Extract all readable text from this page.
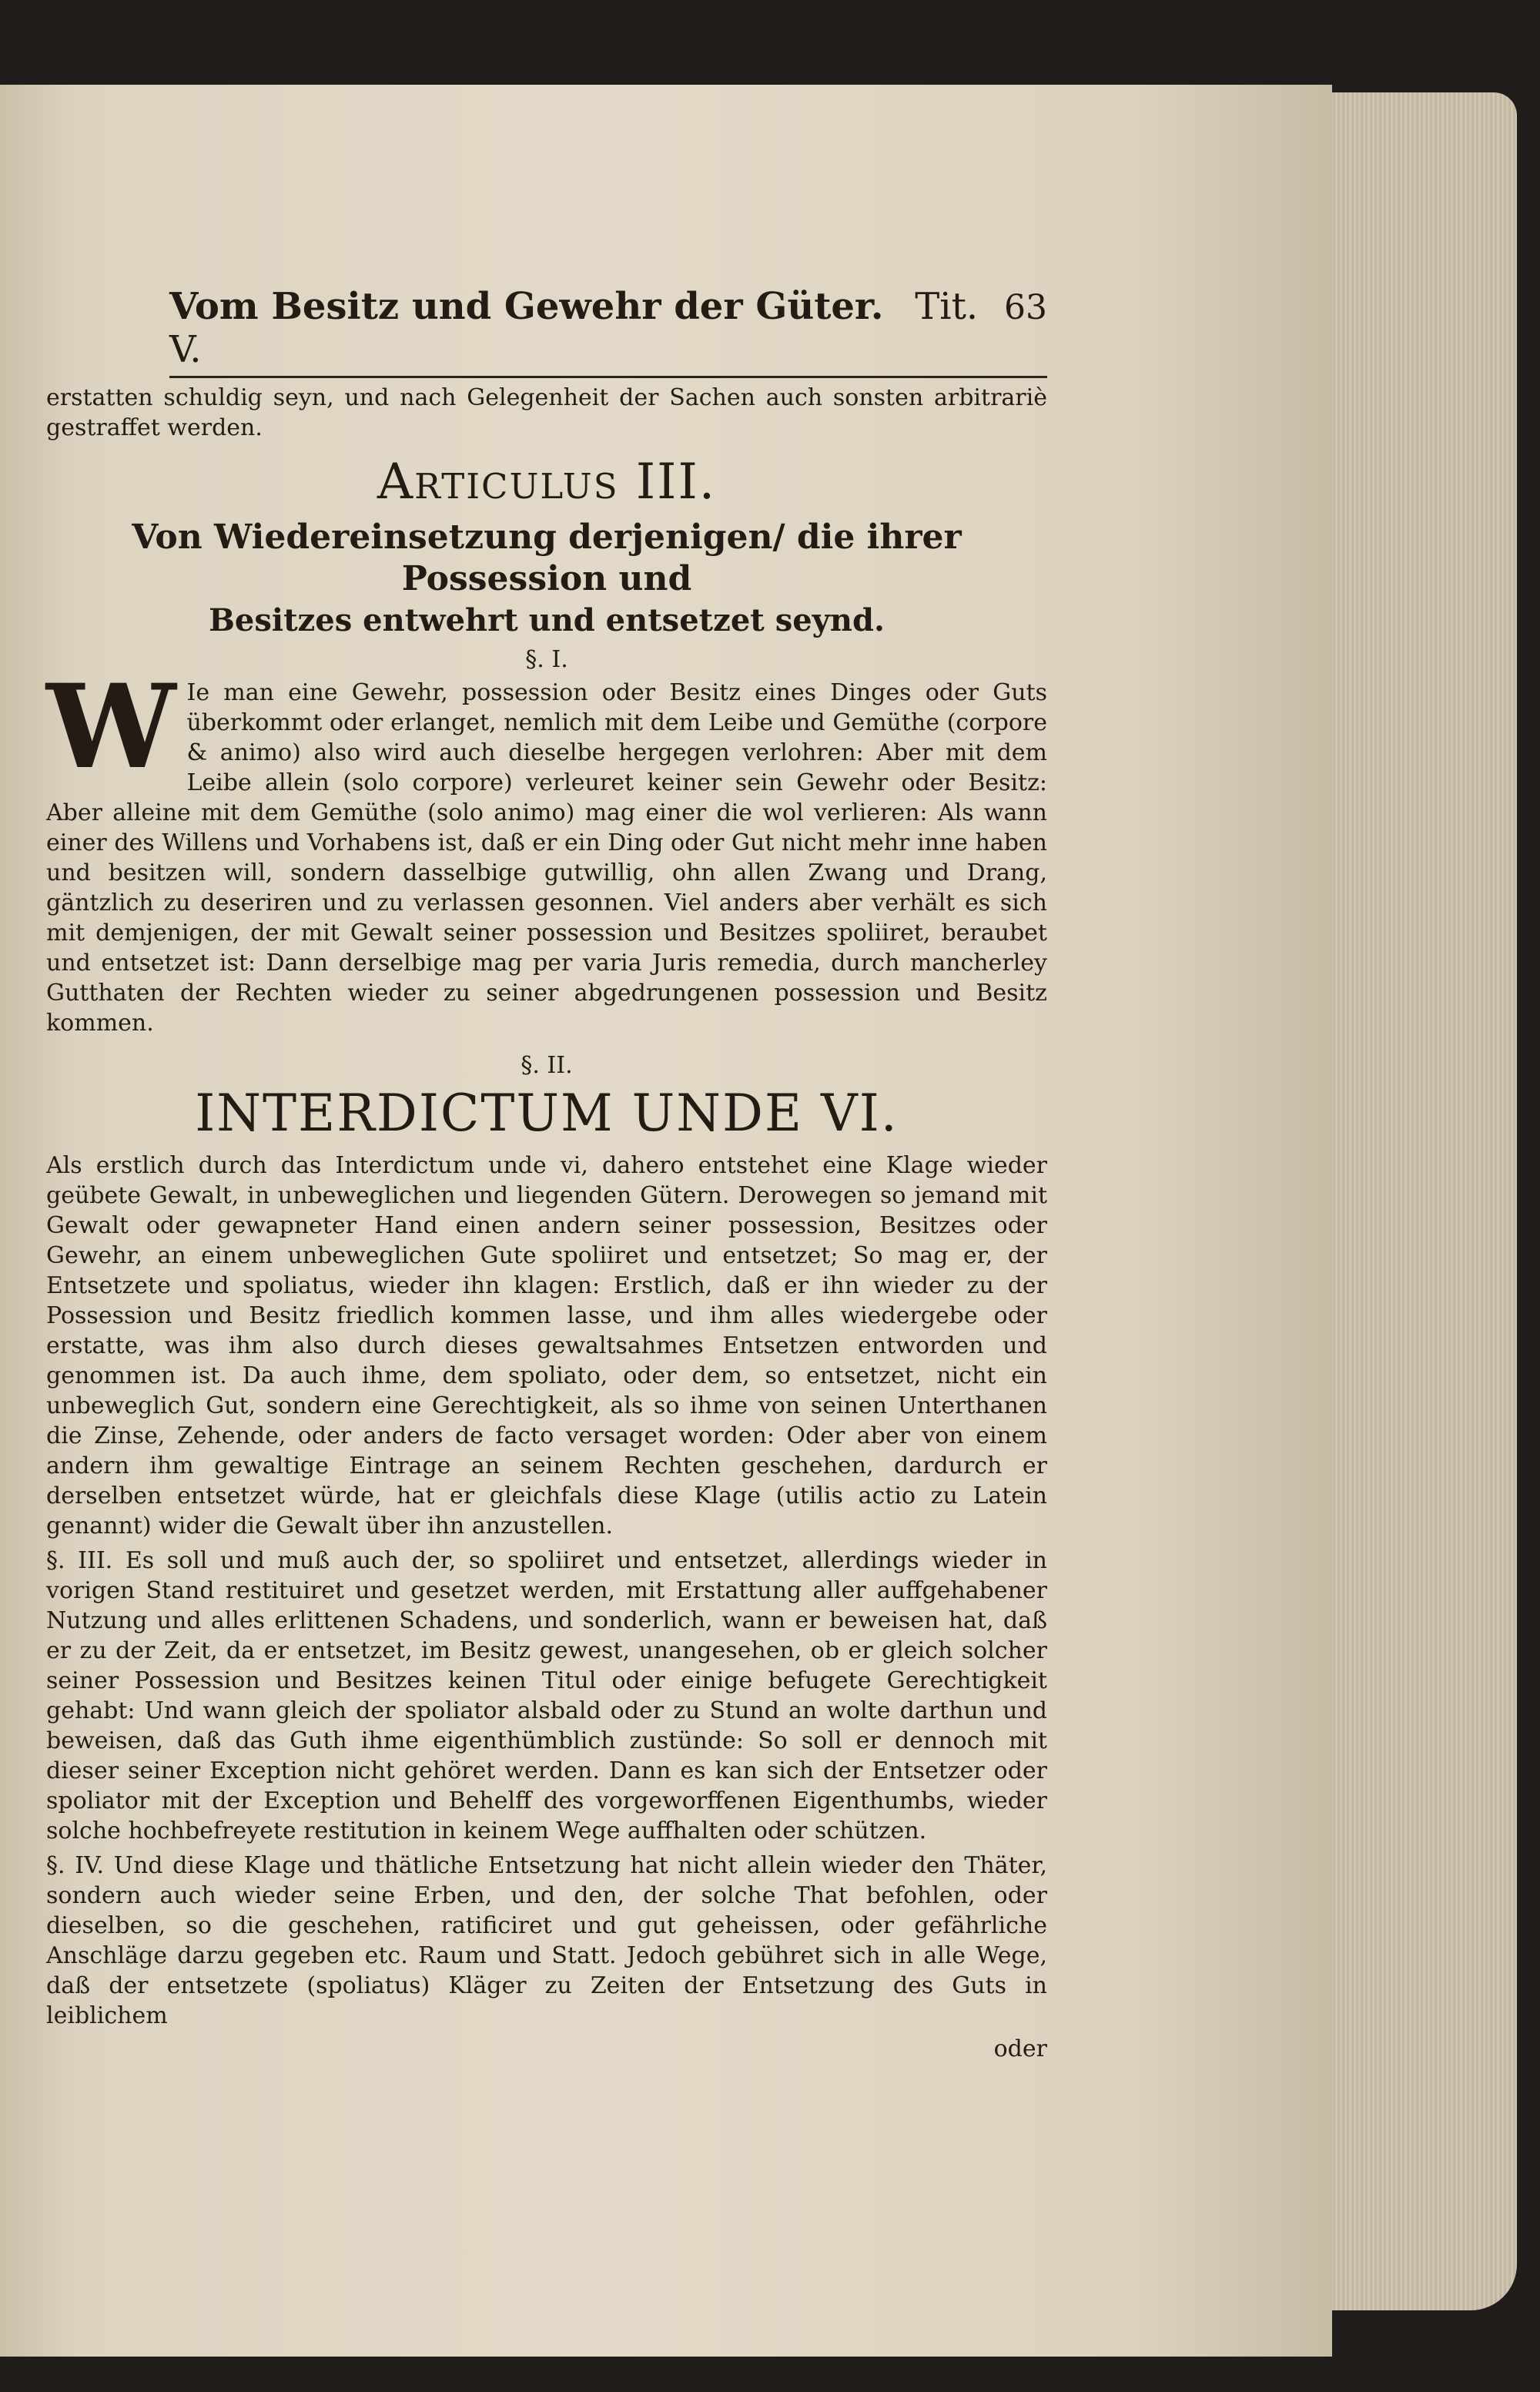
Vom Besitz und Gewehr der Güter. Tit. V.
63

erstatten schuldig seyn, und nach Gelegenheit der Sachen auch sonsten arbitrariè gestraffet werden.

Articulus III.
Von Wiedereinsetzung derjenigen/ die ihrer Possession und
Besitzes entwehrt und entsetzet seynd.
§. I.

W Ie man eine Gewehr, possession oder Besitz eines Dinges oder Guts überkommt oder erlanget, nemlich mit dem Leibe und Gemüthe (corpore & animo) also wird auch dieselbe hergegen verlohren: Aber mit dem Leibe allein (solo corpore) verleuret keiner sein Gewehr oder Besitz: Aber alleine mit dem Gemüthe (solo animo) mag einer die wol verlieren: Als wann einer des Willens und Vorhabens ist, daß er ein Ding oder Gut nicht mehr inne haben und besitzen will, sondern dasselbige gutwillig, ohn allen Zwang und Drang, gäntzlich zu deseriren und zu verlassen gesonnen. Viel anders aber verhält es sich mit demjenigen, der mit Gewalt seiner possession und Besitzes spoliiret, beraubet und entsetzet ist: Dann derselbige mag per varia Juris remedia, durch mancherley Gutthaten der Rechten wieder zu seiner abgedrungenen possession und Besitz kommen.

§. II.
INTERDICTUM UNDE VI.

Als erstlich durch das Interdictum unde vi, dahero entstehet eine Klage wieder geübete Gewalt, in unbeweglichen und liegenden Gütern. Derowegen so jemand mit Gewalt oder gewapneter Hand einen andern seiner possession, Besitzes oder Gewehr, an einem unbeweglichen Gute spoliiret und entsetzet; So mag er, der Entsetzete und spoliatus, wieder ihn klagen: Erstlich, daß er ihn wieder zu der Possession und Besitz friedlich kommen lasse, und ihm alles wiedergebe oder erstatte, was ihm also durch dieses gewaltsahmes Entsetzen entworden und genommen ist. Da auch ihme, dem spoliato, oder dem, so entsetzet, nicht ein unbeweglich Gut, sondern eine Gerechtigkeit, als so ihme von seinen Unterthanen die Zinse, Zehende, oder anders de facto versaget worden: Oder aber von einem andern ihm gewaltige Eintrage an seinem Rechten geschehen, dardurch er derselben entsetzet würde, hat er gleichfals diese Klage (utilis actio zu Latein genannt) wider die Gewalt über ihn anzustellen.

§. III. Es soll und muß auch der, so spoliiret und entsetzet, allerdings wieder in vorigen Stand restituiret und gesetzet werden, mit Erstattung aller auffgehabener Nutzung und alles erlittenen Schadens, und sonderlich, wann er beweisen hat, daß er zu der Zeit, da er entsetzet, im Besitz gewest, unangesehen, ob er gleich solcher seiner Possession und Besitzes keinen Titul oder einige befugete Gerechtigkeit gehabt: Und wann gleich der spoliator alsbald oder zu Stund an wolte darthun und beweisen, daß das Guth ihme eigenthümblich zustünde: So soll er dennoch mit dieser seiner Exception nicht gehöret werden. Dann es kan sich der Entsetzer oder spoliator mit der Exception und Behelff des vorgeworffenen Eigenthumbs, wieder solche hochbefreyete restitution in keinem Wege auffhalten oder schützen.

§. IV. Und diese Klage und thätliche Entsetzung hat nicht allein wieder den Thäter, sondern auch wieder seine Erben, und den, der solche That befohlen, oder dieselben, so die geschehen, ratificiret und gut geheissen, oder gefährliche Anschläge darzu gegeben etc. Raum und Statt. Jedoch gebühret sich in alle Wege, daß der entsetzete (spoliatus) Kläger zu Zeiten der Entsetzung des Guts in leiblichem

oder
